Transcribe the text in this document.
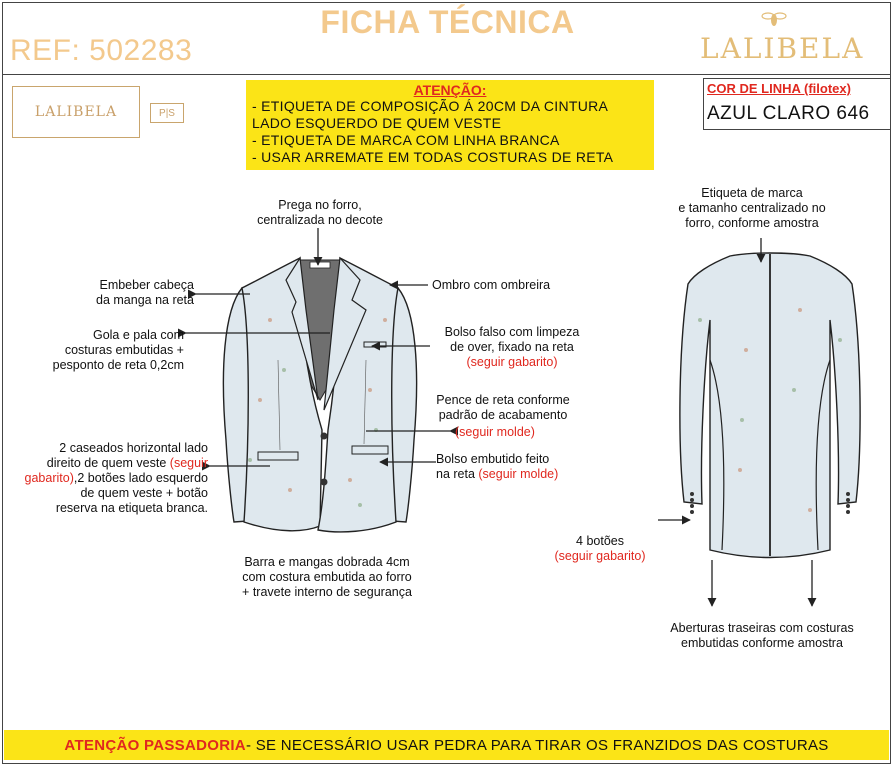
FICHA TÉCNICA
REF: 502283	LALIBELA
LALIBELA	P|S
ATENÇÃO:
- ETIQUETA DE COMPOSIÇÃO Á 20CM DA CINTURA
LADO ESQUERDO DE QUEM VESTE
- ETIQUETA DE MARCA COM LINHA BRANCA
- USAR ARREMATE EM TODAS COSTURAS DE RETA
COR DE LINHA (filotex)
AZUL CLARO 646
Prega no forro,
centralizada no decote
Embeber cabeça
da manga na reta
Ombro com ombreira
Gola e pala com
costuras embutidas +
pesponto de reta 0,2cm
Bolso falso com limpeza
de over, fixado na reta
(seguir gabarito)
Pence de reta conforme
padrão de acabamento
(seguir molde)
2 caseados horizontal lado
direito de quem veste (seguir
gabarito),2 botões lado esquerdo
de quem veste + botão
reserva na etiqueta branca.
Bolso embutido feito
na reta (seguir molde)
Barra e mangas dobrada 4cm
com costura embutida ao forro
+ travete interno de segurança
Etiqueta de marca
e tamanho centralizado no
forro, conforme amostra
4 botões
(seguir gabarito)
Aberturas traseiras com costuras
embutidas conforme amostra
ATENÇÃO PASSADORIA - SE NECESSÁRIO USAR PEDRA PARA TIRAR OS FRANZIDOS DAS COSTURAS
